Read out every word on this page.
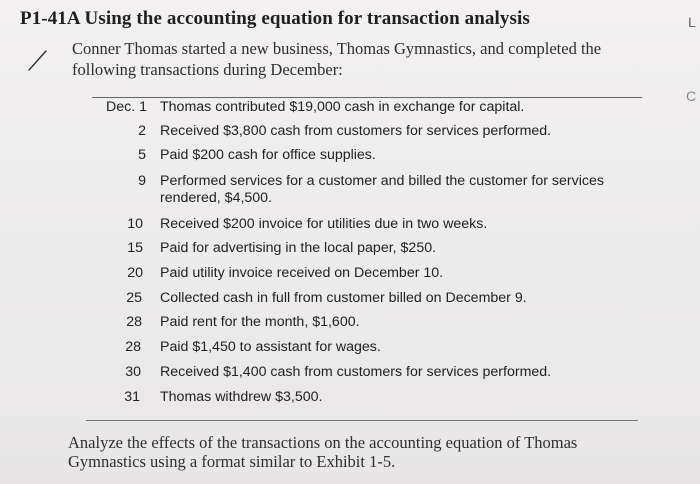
P1-41A Using the accounting equation for transaction analysis
Conner Thomas started a new business, Thomas Gymnastics, and completed the following transactions during December:
L
C
Dec. 1 Thomas contributed $19,000 cash in exchange for capital.
2 Received $3,800 cash from customers for services performed.
5 Paid $200 cash for office supplies.
9 Performed services for a customer and billed the customer for services rendered, $4,500.
10 Received $200 invoice for utilities due in two weeks.
15 Paid for advertising in the local paper, $250.
20 Paid utility invoice received on December 10.
25 Collected cash in full from customer billed on December 9.
28 Paid rent for the month, $1,600.
28 Paid $1,450 to assistant for wages.
30 Received $1,400 cash from customers for services performed.
31 Thomas withdrew $3,500.
Analyze the effects of the transactions on the accounting equation of Thomas Gymnastics using a format similar to Exhibit 1-5.
